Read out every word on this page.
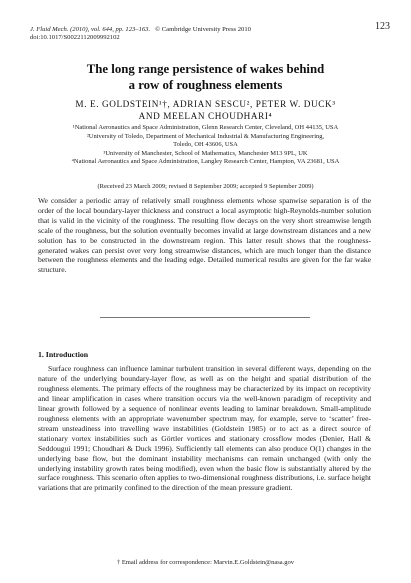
J. Fluid Mech. (2010), vol. 644, pp. 123–163. © Cambridge University Press 2010
doi:10.1017/S0022112009992102
123
The long range persistence of wakes behind
a row of roughness elements
M. E. GOLDSTEIN¹†, ADRIAN SESCU², PETER W. DUCK³
AND MEELAN CHOUDHARI⁴
¹National Aeronautics and Space Administration, Glenn Research Center, Cleveland, OH 44135, USA
²University of Toledo, Department of Mechanical Industrial & Manufacturing Engineering,
Toledo, OH 43606, USA
³University of Manchester, School of Mathematics, Manchester M13 9PL, UK
⁴National Aeronautics and Space Administration, Langley Research Center, Hampton, VA 23681, USA
(Received 23 March 2009; revised 8 September 2009; accepted 9 September 2009)
We consider a periodic array of relatively small roughness elements whose spanwise separation is of the order of the local boundary-layer thickness and construct a local asymptotic high-Reynolds-number solution that is valid in the vicinity of the roughness. The resulting flow decays on the very short streamwise length scale of the roughness, but the solution eventually becomes invalid at large downstream distances and a new solution has to be constructed in the downstream region. This latter result shows that the roughness-generated wakes can persist over very long streamwise distances, which are much longer than the distance between the roughness elements and the leading edge. Detailed numerical results are given for the far wake structure.
1. Introduction
Surface roughness can influence laminar turbulent transition in several different ways, depending on the nature of the underlying boundary-layer flow, as well as on the height and spatial distribution of the roughness elements. The primary effects of the roughness may be characterized by its impact on receptivity and linear amplification in cases where transition occurs via the well-known paradigm of receptivity and linear growth followed by a sequence of nonlinear events leading to laminar breakdown. Small-amplitude roughness elements with an appropriate wavenumber spectrum may, for example, serve to ‘scatter’ free-stream unsteadiness into travelling wave instabilities (Goldstein 1985) or to act as a direct source of stationary vortex instabilities such as Görtler vortices and stationary crossflow modes (Denier, Hall & Seddougui 1991; Choudhari & Duck 1996). Sufficiently tall elements can also produce O(1) changes in the underlying base flow, but the dominant instability mechanisms can remain unchanged (with only the underlying instability growth rates being modified), even when the basic flow is substantially altered by the surface roughness. This scenario often applies to two-dimensional roughness distributions, i.e. surface height variations that are primarily confined to the direction of the mean pressure gradient.
† Email address for correspondence: Marvin.E.Goldstein@nasa.gov
